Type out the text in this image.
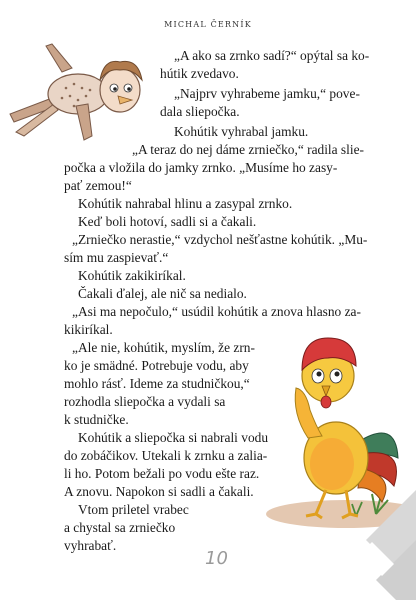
MICHAL ČERNÍK
„A ako sa zrnko sadí?“ opýtal sa ko-
hútik zvedavo.
„Najprv vyhrabeme jamku,“ pove-
dala sliepočka.
Kohútik vyhrabal jamku.
„A teraz do nej dáme zrniečko,“ radila slie-
počka a vložila do jamky zrnko. „Musíme ho zasy-
pať zemou!“
Kohútik nahrabal hlinu a zasypal zrnko.
Keď boli hotoví, sadli si a čakali.
„Zrniečko nerastie,“ vzdychol nešťastne kohútik. „Mu-
sím mu zaspievať.“
Kohútik zakikiríkal.
Čakali ďalej, ale nič sa nedialo.
„Asi ma nepočulo,“ usúdil kohútik a znova hlasno za-
kikiríkal.
„Ale nie, kohútik, myslím, že zrn-
ko je smädné. Potrebuje vodu, aby
mohlo rásť. Ideme za studničkou,“
rozhodla sliepočka a vydali sa
k studničke.
Kohútik a sliepočka si nabrali vodu
do zobáčikov. Utekali k zrnku a zalia-
li ho. Potom bežali po vodu ešte raz.
A znovu. Napokon si sadli a čakali.
Vtom priletel vrabec
a chystal sa zrniečko
vyhrabať.
10
